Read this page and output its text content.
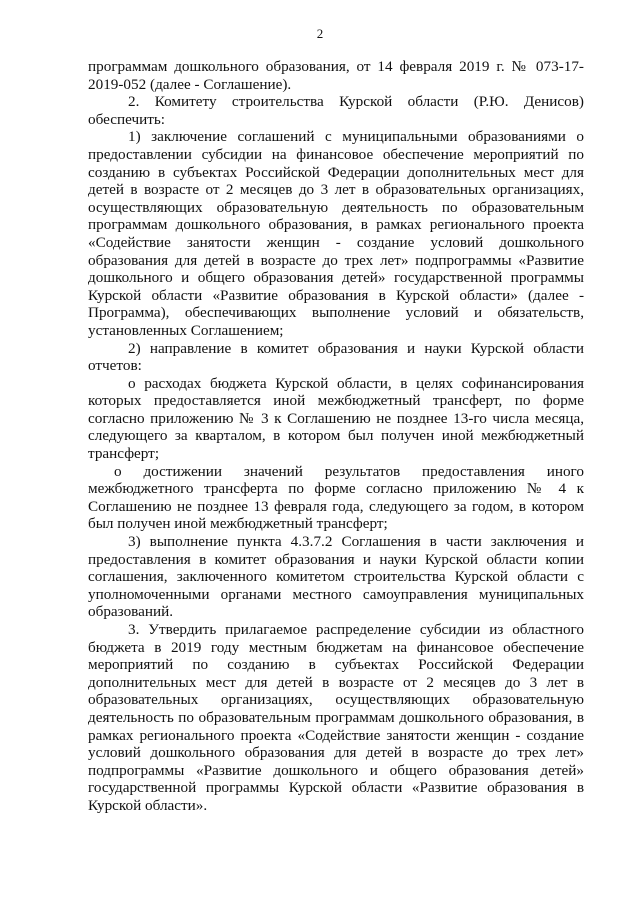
2

программам дошкольного образования, от 14 февраля 2019 г. № 073-17-2019-052 (далее - Соглашение).

2. Комитету строительства Курской области (Р.Ю. Денисов) обеспечить:

1) заключение соглашений с муниципальными образованиями о предоставлении субсидии на финансовое обеспечение мероприятий по созданию в субъектах Российской Федерации дополнительных мест для детей в возрасте от 2 месяцев до 3 лет в образовательных организациях, осуществляющих образовательную деятельность по образовательным программам дошкольного образования, в рамках регионального проекта «Содействие занятости женщин - создание условий дошкольного образования для детей в возрасте до трех лет» подпрограммы «Развитие дошкольного и общего образования детей» государственной программы Курской области «Развитие образования в Курской области» (далее - Программа), обеспечивающих выполнение условий и обязательств, установленных Соглашением;

2) направление в комитет образования и науки Курской области отчетов:

о расходах бюджета Курской области, в целях софинансирования которых предоставляется иной межбюджетный трансферт, по форме согласно приложению № 3 к Соглашению не позднее 13-го числа месяца, следующего за кварталом, в котором был получен иной межбюджетный трансферт;

о достижении значений результатов предоставления иного межбюджетного трансферта по форме согласно приложению № 4 к Соглашению не позднее 13 февраля года, следующего за годом, в котором был получен иной межбюджетный трансферт;

3) выполнение пункта 4.3.7.2 Соглашения в части заключения и предоставления в комитет образования и науки Курской области копии соглашения, заключенного комитетом строительства Курской области с уполномоченными органами местного самоуправления муниципальных образований.

3. Утвердить прилагаемое распределение субсидии из областного бюджета в 2019 году местным бюджетам на финансовое обеспечение мероприятий по созданию в субъектах Российской Федерации дополнительных мест для детей в возрасте от 2 месяцев до 3 лет в образовательных организациях, осуществляющих образовательную деятельность по образовательным программам дошкольного образования, в рамках регионального проекта «Содействие занятости женщин - создание условий дошкольного образования для детей в возрасте до трех лет» подпрограммы «Развитие дошкольного и общего образования детей» государственной программы Курской области «Развитие образования в Курской области».
